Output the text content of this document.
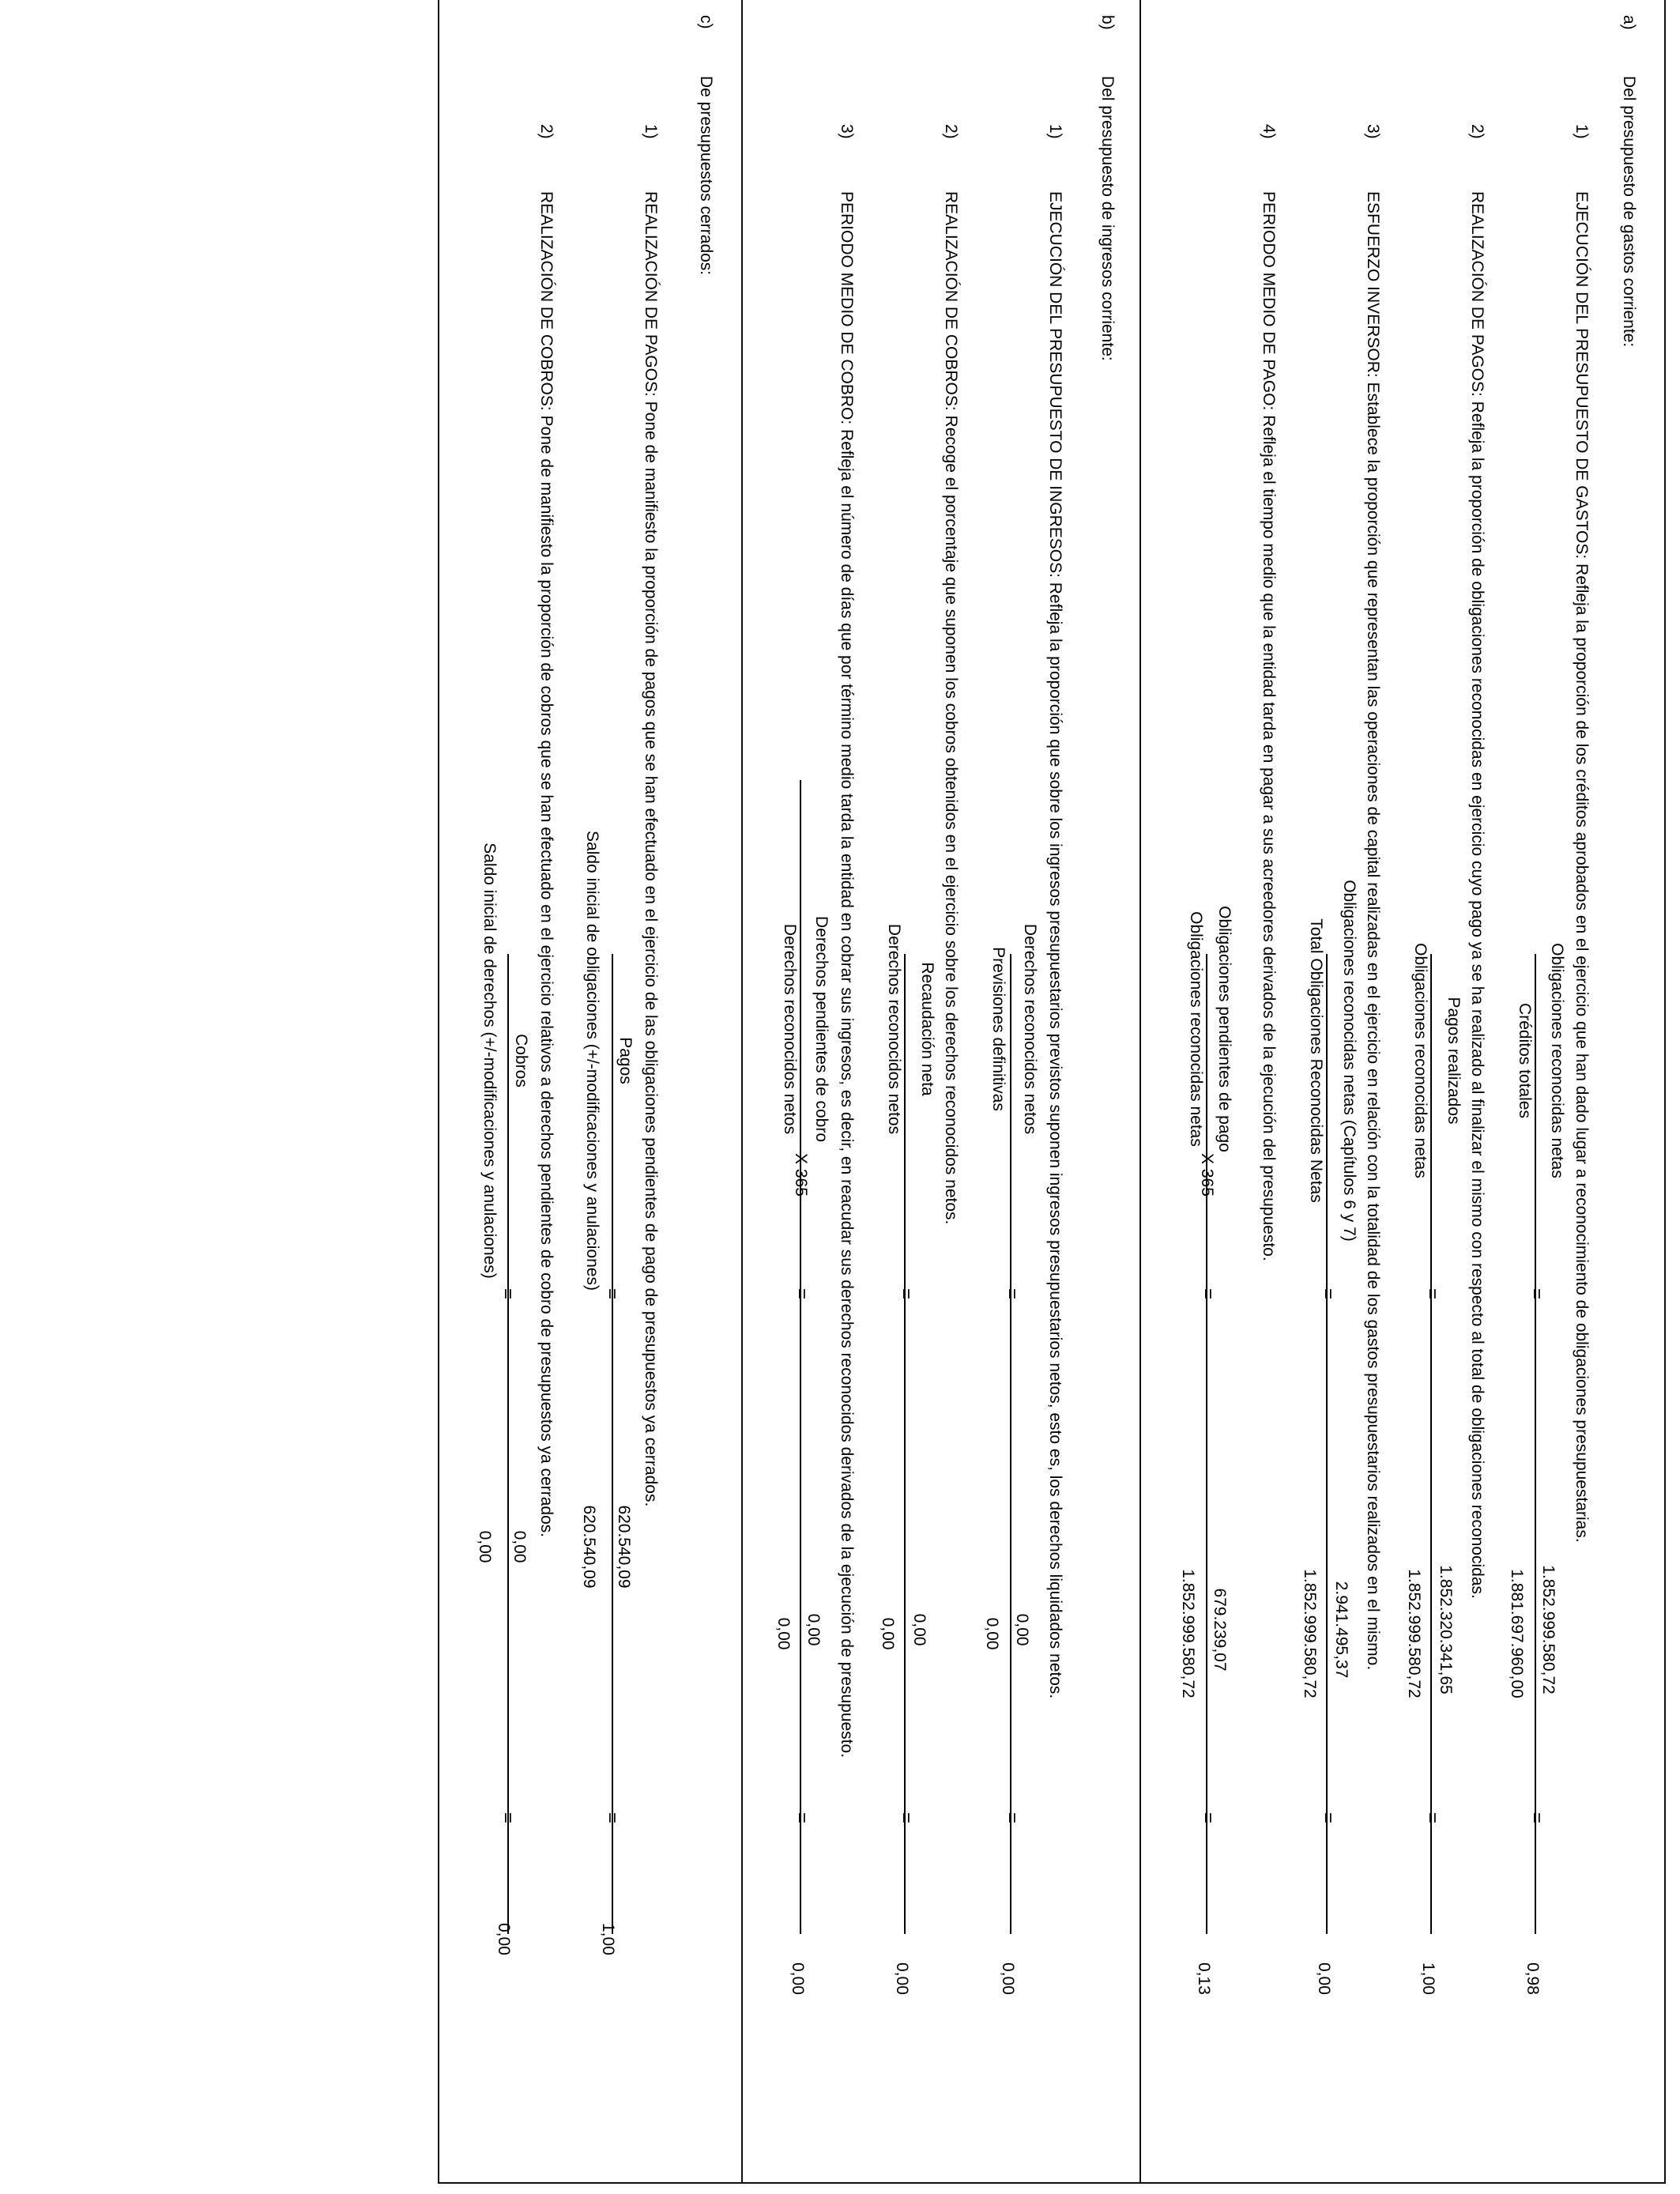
a)
Del presupuesto de gastos corriente:
1)
EJECUCIÓN DEL PRESUPUESTO DE GASTOS: Refleja la proporción de los créditos aprobados en el ejercicio que han dado lugar a reconocimiento de obligaciones presupuestarias.
Obligaciones reconocidas netas
Créditos totales
=
1.852.999.580,72
1.881.697.960,00
=
0,98
2)
REALIZACIÓN DE PAGOS: Refleja la proporción de obligaciones reconocidas en ejercicio cuyo pago ya se ha realizado al finalizar el mismo con respecto al total de obligaciones reconocidas.
Pagos realizados
Obligaciones reconocidas netas
=
1.852.320.341,65
1.852.999.580,72
=
1,00
3)
ESFUERZO INVERSOR: Establece la proporción que representan las operaciones de capital realizadas en el ejercicio en relación con la totalidad de los gastos presupuestarios realizados en el mismo.
Obligaciones reconocidas netas (Capítulos 6 y 7)
Total Obligaciones Reconocidas Netas
=
2.941.495,37
1.852.999.580,72
=
0,00
4)
PERIODO MEDIO DE PAGO: Refleja el tiempo medio que la entidad tarda en pagar a sus acreedores derivados de la ejecución del presupuesto.
Obligaciones pendientes de pago
Obligaciones reconocidas netas
X 365
=
679.239,07
1.852.999.580,72
=
0,13
b)
Del presupuesto de ingresos corriente:
1)
EJECUCIÓN DEL PRESUPUESTO DE INGRESOS: Refleja la proporción que sobre los ingresos presupuestarios previstos suponen ingresos presupuestarios netos, esto es, los derechos liquidados netos.
Derechos reconocidos netos
Previsiones definitivas
=
0,00
0,00
=
0,00
2)
REALIZACIÓN DE COBROS: Recoge el porcentaje que suponen los cobros obtenidos en el ejercicio sobre los derechos reconocidos netos.
Recaudación neta
Derechos reconocidos netos
=
0,00
0,00
=
0,00
3)
PERIODO MEDIO DE COBRO: Refleja el número de días que por término medio tarda la entidad en cobrar sus ingresos, es decir, en reacudar sus derechos reconocidos derivados de la ejecución de presupuesto.
Derechos pendientes de cobro
Derechos reconocidos netos
X 365
=
0,00
0,00
=
0,00
c)
De presupuestos cerrados:
1)
REALIZACIÓN DE PAGOS: Pone de manifiesto la proporción de pagos que se han efectuado en el ejercicio de las obligaciones pendientes de pago de presupuestos ya cerrados.
Pagos
Saldo inicial de obligaciones (+/-modificaciones y anulaciones)
=
620.540,09
620.540,09
=
1,00
2)
REALIZACIÓN DE COBROS: Pone de manifiesto la proporción de cobros que se han efectuado en el ejercicio relativos a derechos pendientes de cobro de presupuestos ya cerrados.
Cobros
Saldo inicial de derechos (+/-modificaciones y anulaciones)
=
0,00
0,00
=
0,00
